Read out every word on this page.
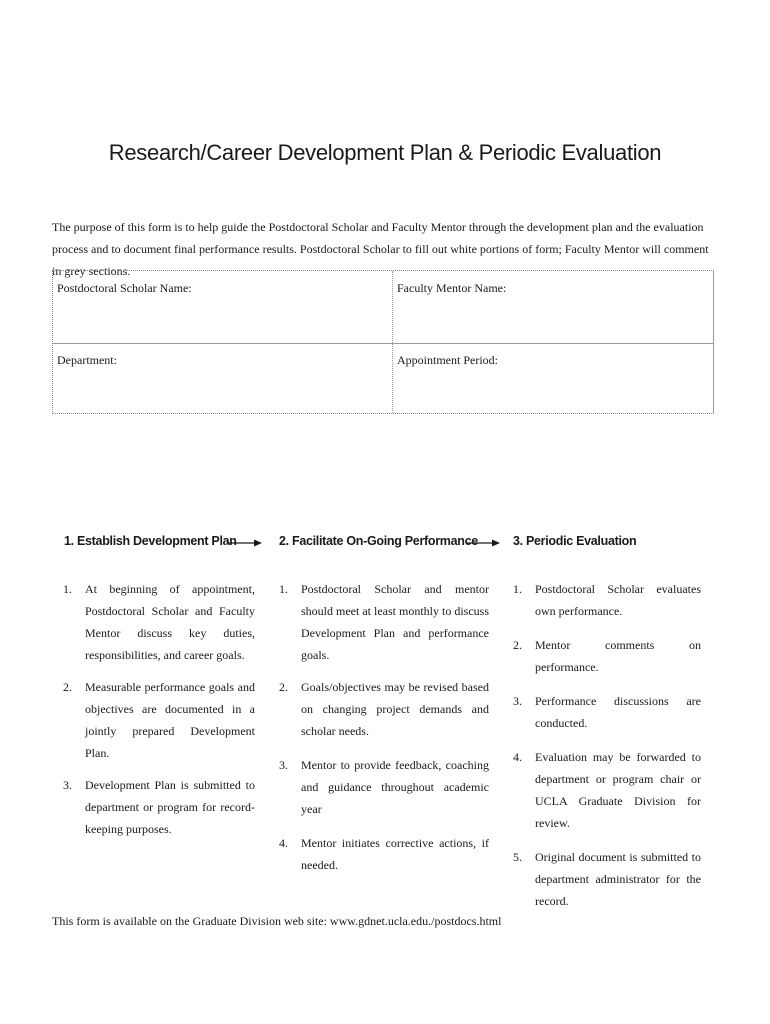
Research/Career Development Plan & Periodic Evaluation
The purpose of this form is to help guide the Postdoctoral Scholar and Faculty Mentor through the development plan and the evaluation process and to document final performance results. Postdoctoral Scholar to fill out white portions of form; Faculty Mentor will comment in grey sections.
Postdoctoral Scholar Name:	Faculty Mentor Name:
Department:	Appointment Period:
1. Establish Development Plan	2. Facilitate On-Going Performance	3. Periodic Evaluation
1. At beginning of appointment, Postdoctoral Scholar and Faculty Mentor discuss key duties, responsibilities, and career goals.
2. Measurable performance goals and objectives are documented in a jointly prepared Development Plan.
3. Development Plan is submitted to department or program for record-keeping purposes.
1. Postdoctoral Scholar and mentor should meet at least monthly to discuss Development Plan and performance goals.
2. Goals/objectives may be revised based on changing project demands and scholar needs.
3. Mentor to provide feedback, coaching and guidance throughout academic year
4. Mentor initiates corrective actions, if needed.
1. Postdoctoral Scholar evaluates own performance.
2. Mentor comments on performance.
3. Performance discussions are conducted.
4. Evaluation may be forwarded to department or program chair or UCLA Graduate Division for review.
5. Original document is submitted to department administrator for the record.
This form is available on the Graduate Division web site: www.gdnet.ucla.edu./postdocs.html
